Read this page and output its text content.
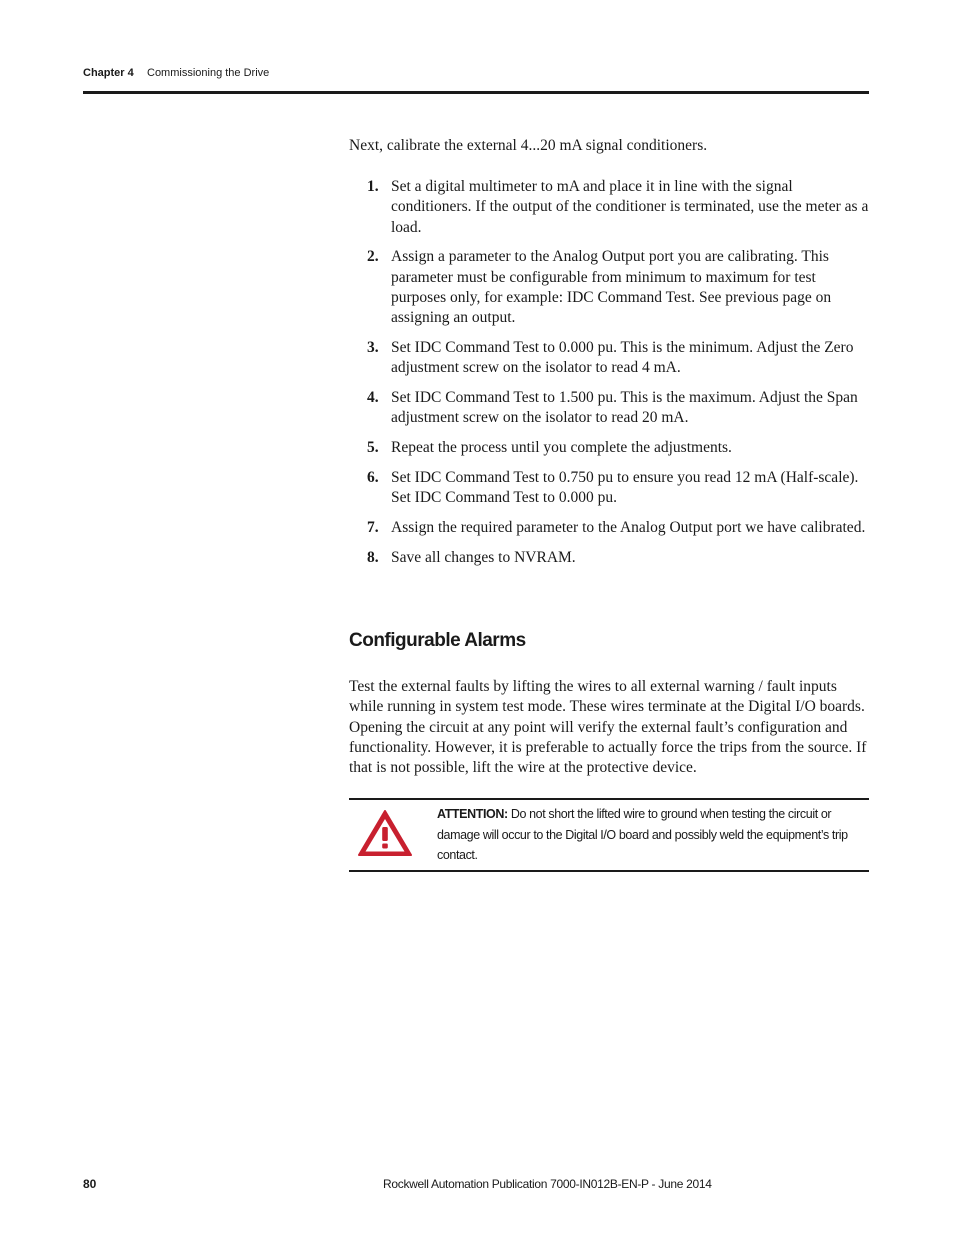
Chapter 4 Commissioning the Drive
Next, calibrate the external 4...20 mA signal conditioners.
1. Set a digital multimeter to mA and place it in line with the signal conditioners. If the output of the conditioner is terminated, use the meter as a load.
2. Assign a parameter to the Analog Output port you are calibrating. This parameter must be configurable from minimum to maximum for test purposes only, for example: IDC Command Test. See previous page on assigning an output.
3. Set IDC Command Test to 0.000 pu. This is the minimum. Adjust the Zero adjustment screw on the isolator to read 4 mA.
4. Set IDC Command Test to 1.500 pu. This is the maximum. Adjust the Span adjustment screw on the isolator to read 20 mA.
5. Repeat the process until you complete the adjustments.
6. Set IDC Command Test to 0.750 pu to ensure you read 12 mA (Half-scale). Set IDC Command Test to 0.000 pu.
7. Assign the required parameter to the Analog Output port we have calibrated.
8. Save all changes to NVRAM.
Configurable Alarms
Test the external faults by lifting the wires to all external warning / fault inputs while running in system test mode. These wires terminate at the Digital I/O boards. Opening the circuit at any point will verify the external fault’s configuration and functionality. However, it is preferable to actually force the trips from the source. If that is not possible, lift the wire at the protective device.
ATTENTION: Do not short the lifted wire to ground when testing the circuit or damage will occur to the Digital I/O board and possibly weld the equipment’s trip contact.
80	Rockwell Automation Publication 7000-IN012B-EN-P - June 2014
